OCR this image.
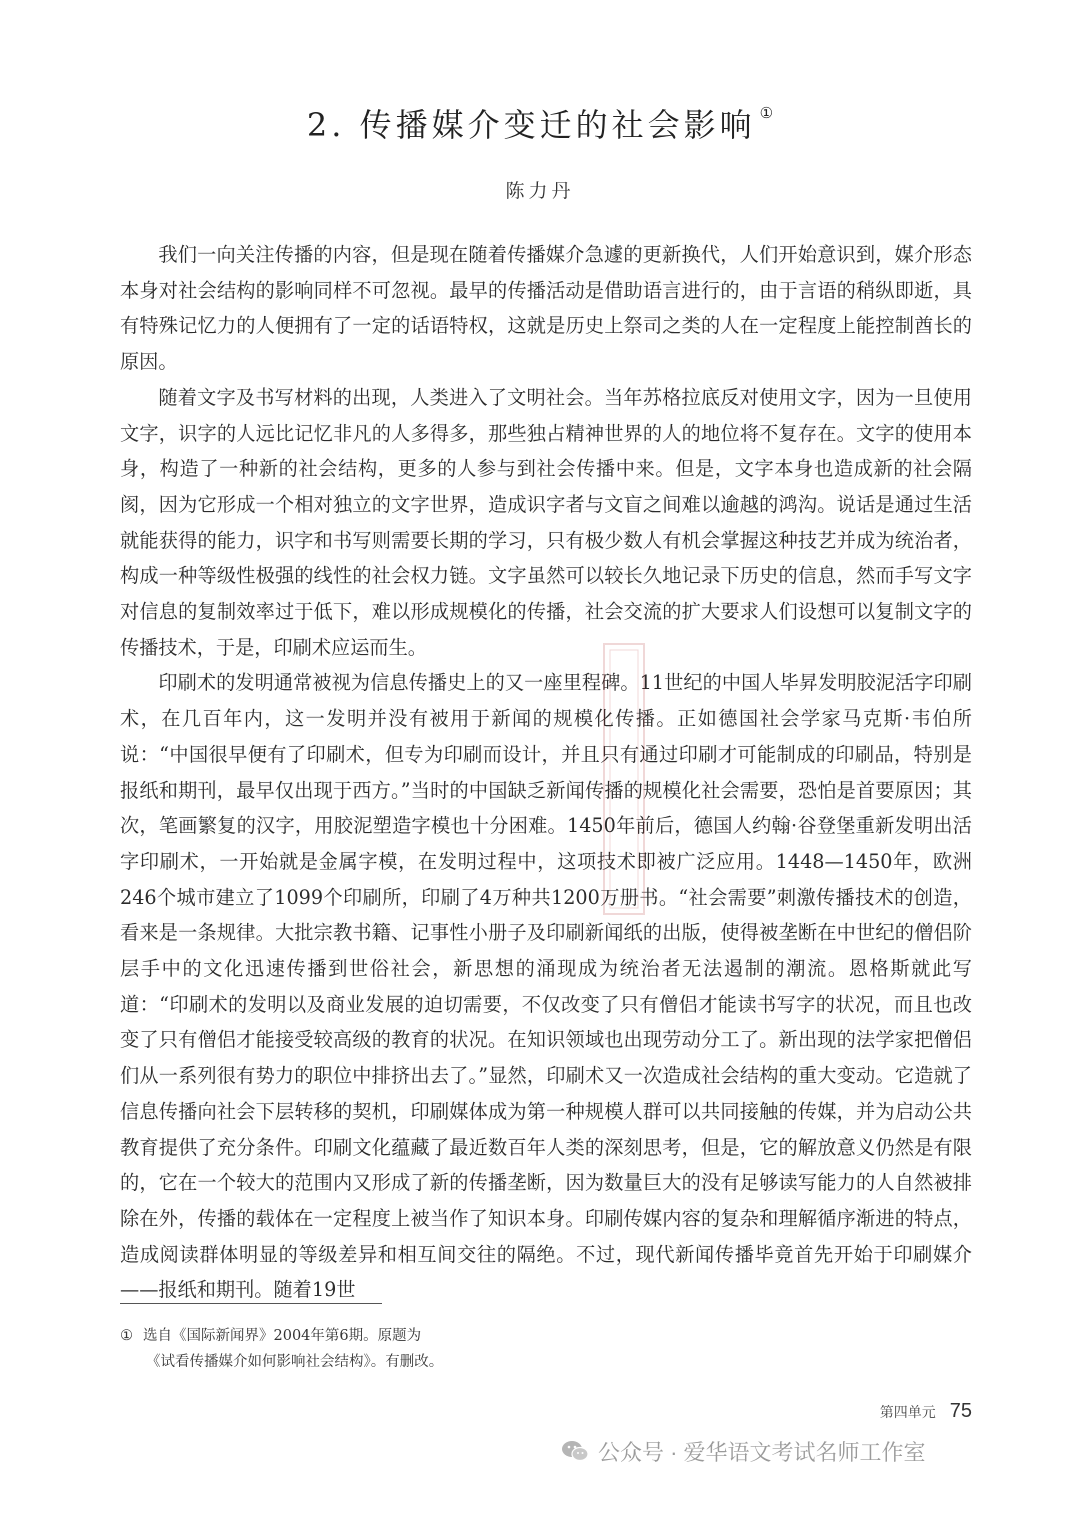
2. 传播媒介变迁的社会影响 ①
陈力丹

我们一向关注传播的内容，但是现在随着传播媒介急遽的更新换代，人们开始意识到，媒介形态本身对社会结构的影响同样不可忽视。最早的传播活动是借助语言进行的，由于言语的稍纵即逝，具有特殊记忆力的人便拥有了一定的话语特权，这就是历史上祭司之类的人在一定程度上能控制酋长的原因。

随着文字及书写材料的出现，人类进入了文明社会。当年苏格拉底反对使用文字，因为一旦使用文字，识字的人远比记忆非凡的人多得多，那些独占精神世界的人的地位将不复存在。文字的使用本身，构造了一种新的社会结构，更多的人参与到社会传播中来。但是，文字本身也造成新的社会隔阂，因为它形成一个相对独立的文字世界，造成识字者与文盲之间难以逾越的鸿沟。说话是通过生活就能获得的能力，识字和书写则需要长期的学习，只有极少数人有机会掌握这种技艺并成为统治者，构成一种等级性极强的线性的社会权力链。文字虽然可以较长久地记录下历史的信息，然而手写文字对信息的复制效率过于低下，难以形成规模化的传播，社会交流的扩大要求人们设想可以复制文字的传播技术，于是，印刷术应运而生。

印刷术的发明通常被视为信息传播史上的又一座里程碑。11世纪的中国人毕昇发明胶泥活字印刷术，在几百年内，这一发明并没有被用于新闻的规模化传播。正如德国社会学家马克斯·韦伯所说：“中国很早便有了印刷术，但专为印刷而设计，并且只有通过印刷才可能制成的印刷品，特别是报纸和期刊，最早仅出现于西方。”当时的中国缺乏新闻传播的规模化社会需要，恐怕是首要原因；其次，笔画繁复的汉字，用胶泥塑造字模也十分困难。1450年前后，德国人约翰·谷登堡重新发明出活字印刷术，一开始就是金属字模，在发明过程中，这项技术即被广泛应用。1448—1450年，欧洲246个城市建立了1099个印刷所，印刷了4万种共1200万册书。“社会需要”刺激传播技术的创造，看来是一条规律。大批宗教书籍、记事性小册子及印刷新闻纸的出版，使得被垄断在中世纪的僧侣阶层手中的文化迅速传播到世俗社会，新思想的涌现成为统治者无法遏制的潮流。恩格斯就此写道：“印刷术的发明以及商业发展的迫切需要，不仅改变了只有僧侣才能读书写字的状况，而且也改变了只有僧侣才能接受较高级的教育的状况。在知识领域也出现劳动分工了。新出现的法学家把僧侣们从一系列很有势力的职位中排挤出去了。”显然，印刷术又一次造成社会结构的重大变动。它造就了信息传播向社会下层转移的契机，印刷媒体成为第一种规模人群可以共同接触的传媒，并为启动公共教育提供了充分条件。印刷文化蕴藏了最近数百年人类的深刻思考，但是，它的解放意义仍然是有限的，它在一个较大的范围内又形成了新的传播垄断，因为数量巨大的没有足够读写能力的人自然被排除在外，传播的载体在一定程度上被当作了知识本身。印刷传媒内容的复杂和理解循序渐进的特点，造成阅读群体明显的等级差异和相互间交往的隔绝。不过，现代新闻传播毕竟首先开始于印刷媒介——报纸和期刊。随着19世

① 选自《国际新闻界》2004年第6期。原题为
《试看传播媒介如何影响社会结构》。有删改。
第四单元 75
公众号 · 爱华语文考试名师工作室
